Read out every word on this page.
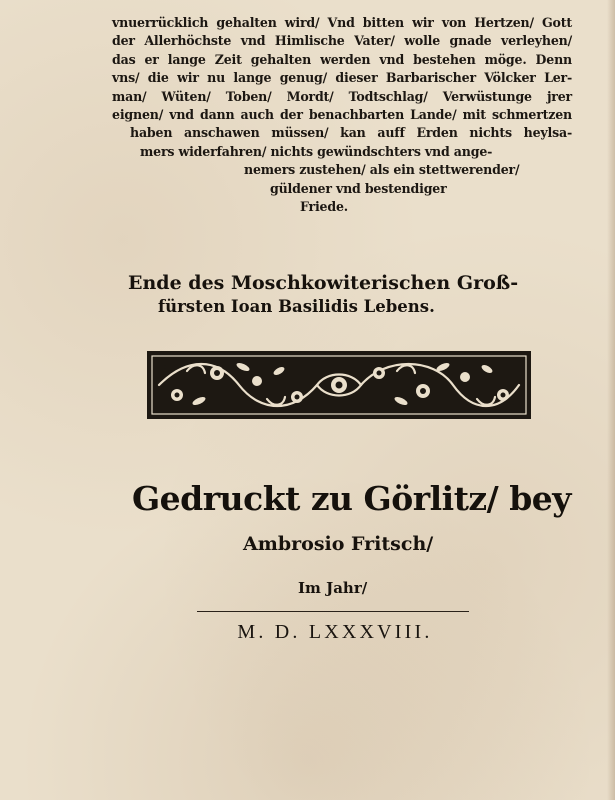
vnuerrücklich gehalten wird/ Vnd bitten wir von Hertzen/ Gott
der Allerhöchste vnd Himlische Vater/ wolle gnade verleyhen/
das er lange Zeit gehalten werden vnd bestehen möge. Denn
vns/ die wir nu lange genug/ dieser Barbarischer Völcker Ler-
man/ Wüten/ Toben/ Mordt/ Todtschlag/ Verwüstunge jrer
eignen/ vnd dann auch der benachbarten Lande/ mit schmertzen
haben anschawen müssen/ kan auff Erden nichts heylsa-
mers widerfahren/ nichts gewündschters vnd ange-
nemers zustehen/ als ein stettwerender/
güldener vnd bestendiger
Friede.
Ende des Moschkowiterischen Groß-
fürsten Ioan Basilidis Lebens.
Gedruckt zu Görlitz/ bey
Ambrosio Fritsch/
Im Jahr/
M. D. LXXXVIII.
